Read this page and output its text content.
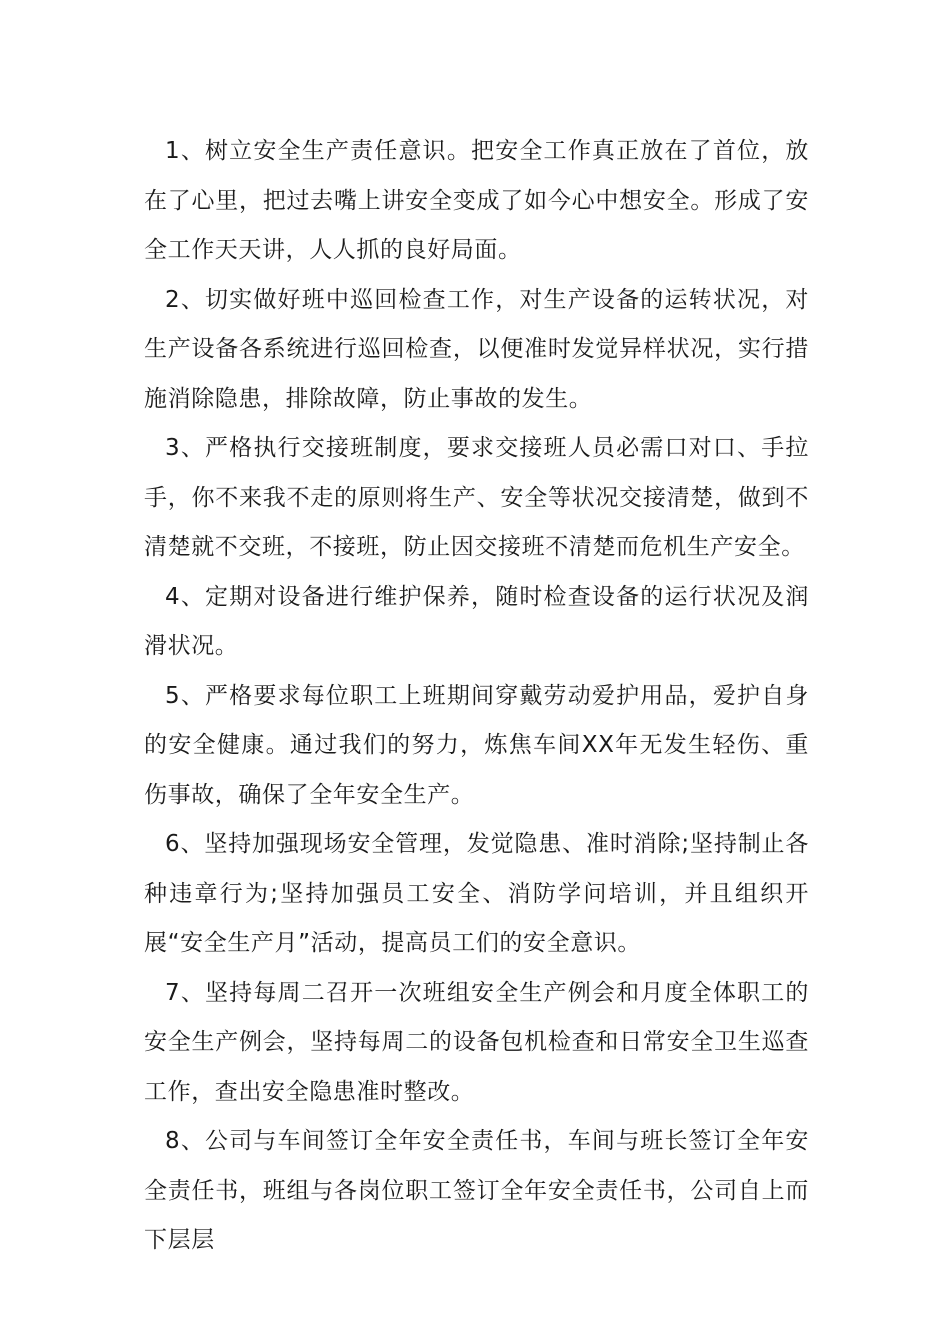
1、树立安全生产责任意识。把安全工作真正放在了首位，放在了心里，把过去嘴上讲安全变成了如今心中想安全。形成了安全工作天天讲，人人抓的良好局面。

2、切实做好班中巡回检查工作，对生产设备的运转状况，对生产设备各系统进行巡回检查，以便准时发觉异样状况，实行措施消除隐患，排除故障，防止事故的发生。

3、严格执行交接班制度，要求交接班人员必需口对口、手拉手，你不来我不走的原则将生产、安全等状况交接清楚，做到不清楚就不交班，不接班，防止因交接班不清楚而危机生产安全。

4、定期对设备进行维护保养，随时检查设备的运行状况及润滑状况。

5、严格要求每位职工上班期间穿戴劳动爱护用品，爱护自身的安全健康。通过我们的努力，炼焦车间XX年无发生轻伤、重伤事故，确保了全年安全生产。

6、坚持加强现场安全管理，发觉隐患、准时消除;坚持制止各种违章行为;坚持加强员工安全、消防学问培训，并且组织开展“安全生产月”活动，提高员工们的安全意识。

7、坚持每周二召开一次班组安全生产例会和月度全体职工的安全生产例会，坚持每周二的设备包机检查和日常安全卫生巡查工作，查出安全隐患准时整改。

8、公司与车间签订全年安全责任书，车间与班长签订全年安全责任书，班组与各岗位职工签订全年安全责任书，公司自上而下层层
